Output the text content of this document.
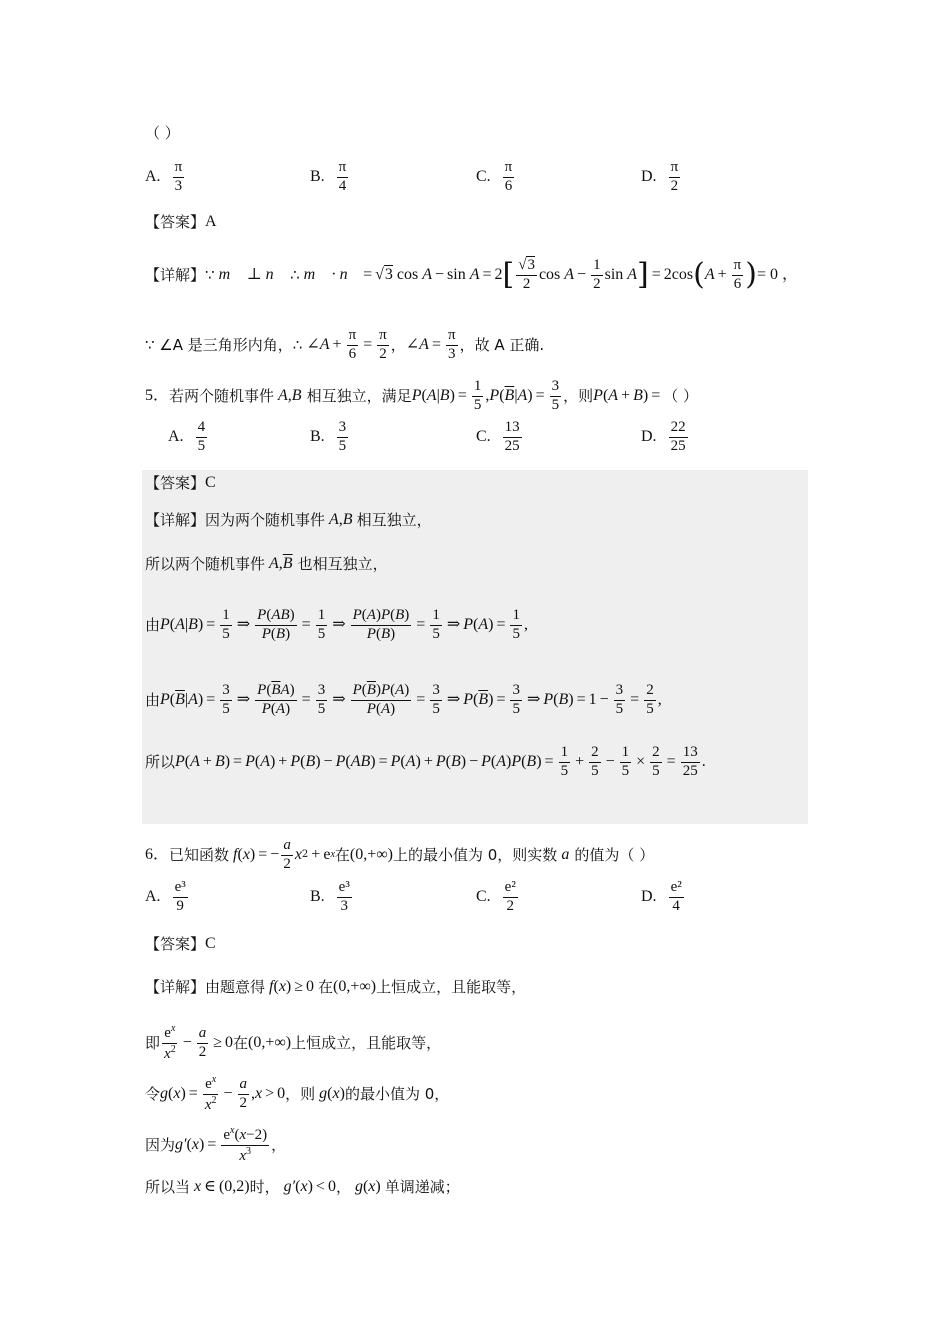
（ ）
A. $\frac{\pi}{3}$	B. $\frac{\pi}{4}$	C. $\frac{\pi}{6}$	D. $\frac{\pi}{2}$
【答案】 A
【详解】 ∵ m⃗ ⊥ n⃗ ∴ m⃗ · n⃗ = √3 cos A − sin A = 2 [ $\frac{√3}{2}$ $\cos A - \frac{1}{2}$ sin A ] = 2cos ( $A + \frac{\pi}{6}$ ) = 0 ，
∵ ∠A 是三角形内角，∴ ∠ $A + \frac{\pi}{6} = \frac{\pi}{2}$ ， ∠ $A = \frac{\pi}{3}$ ，故 A 正确.
5． 若两个随机事件
A,B
相互独立，满足 P ( A | B ) = $\frac{1}{5}$ , P ( $\overline{B}$ | A ) = $\frac{3}{5}$ ，则 P ( A + B ) = （ ）
A. $\frac{4}{5}$	B. $\frac{3}{5}$	C. $\frac{13}{25}$	D. $\frac{22}{25}$
【答案】 C
【详解】 因为两个随机事件 A,B 相互独立，
所以两个随机事件 A, $\overline{B}$
也相互独立，
由 P ( A | B ) = $\frac{1}{5}$ ⇒ $\frac{P(AB)}{P(B)} = \frac{1}{5}$ ⇒ $\frac{P(A)P(B)}{P(B)} = \frac{1}{5}$ ⇒ P ( A ) = $\frac{1}{5}$ ,
由 P ( $\overline{B}$ | A ) = $\frac{3}{5}$ ⇒ $\frac{P(\overline{B}A)}{P(A)} = \frac{3}{5}$ ⇒ $\frac{P(\overline{B})P(A)}{P(A)} = \frac{3}{5}$ ⇒ P ( $\overline{B}$ ) = $\frac{3}{5}$ ⇒ P ( B ) = $1 - \frac{3}{5} = \frac{2}{5}$ ,
所以 P ( A + B ) = P ( A ) + P ( B ) − P ( AB ) = P ( A ) + P ( B ) − P ( A ) P ( B ) = $\frac{1}{5} + \frac{2}{5} - \frac{1}{5} \times \frac{2}{5} = \frac{13}{25}$ .
6． 已知函数 f ( x ) = − $\frac{a}{2}$ x 2 + e x 在 (0,+∞) 上的最小值为 0，则实数
a
的值为（ ）
A. $\frac{\text{e³}}{9}$	B. $\frac{\text{e³}}{3}$	C. $\frac{\text{e²}}{2}$	D. $\frac{\text{e²}}{4}$
【答案】 C
【详解】 由题意得 f ( x ) ≥ 0 在 (0,+∞) 上恒成立，且能取等，
即 $\frac{e^x}{x^2} - \frac{a}{2} \ge 0$ 在 (0,+∞) 上恒成立，且能取等，
令 g ( x ) = $\frac{e^x}{x^2} - \frac{a}{2}$ , x > 0 ，则 g ( x ) 的最小值为 0，
因为 g′ ( x ) = $\frac{e^x(x-2)}{x^3}$ ，
所以当 x ∈ (0,2) 时， g′ ( x ) < 0 ， g ( x ) 单调递减；
